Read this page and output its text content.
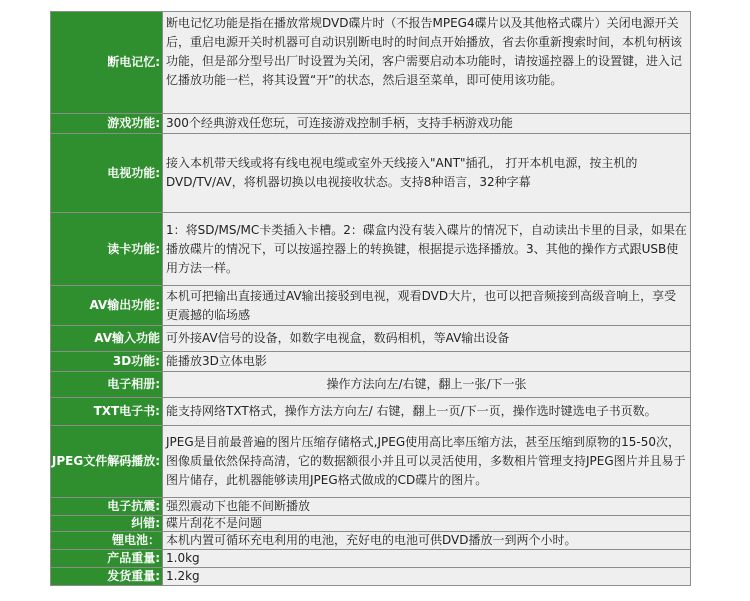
断电记忆:	断电记忆功能是指在播放常规DVD碟片时（不报告MPEG4碟片以及其他格式碟片）关闭电源开关后，重启电源开关时机器可自动识别断电时的时间点开始播放，省去你重新搜索时间，本机句柄该功能，但是部分型号出厂时设置为关闭，客户需要启动本功能时，请按遥控器上的设置键，进入记忆播放功能一栏，将其设置“开”的状态，然后退至菜单，即可使用该功能。
游戏功能:	300个经典游戏任您玩，可连接游戏控制手柄，支持手柄游戏功能
电视功能:	接入本机带天线或将有线电视电缆或室外天线接入"ANT"插孔， 打开本机电源，按主机的DVD/TV/AV，将机器切换以电视接收状态。支持8种语言，32种字幕
读卡功能:	1：将SD/MS/MC卡类插入卡槽。2：碟盒内没有装入碟片的情况下，自动读出卡里的目录，如果在播放碟片的情况下，可以按遥控器上的转换键，根据提示选择播放。3、其他的操作方式跟USB使用方法一样。
AV输出功能:	本机可把输出直接通过AV输出接驳到电视，观看DVD大片，也可以把音频接到高级音响上，享受更震撼的临场感
AV输入功能	可外接AV信号的设备，如数字电视盒，数码相机，等AV输出设备
3D功能:	能播放3D立体电影
电子相册:	操作方法向左/右键，翻上一张/下一张
TXT电子书:	能支持网络TXT格式，操作方法方向左/ 右键，翻上一页/下一页，操作选时键选电子书页数。
JPEG文件解码播放:	JPEG是目前最普遍的图片压缩存储格式,JPEG使用高比率压缩方法，甚至压缩到原物的15-50次，图像质量依然保持高清，它的数据额很小并且可以灵活使用，多数相片管理支持JPEG图片并且易于图片储存，此机器能够读用JPEG格式做成的CD碟片的图片。
电子抗震:	强烈震动下也能不间断播放
纠错:	碟片刮花不是问题
锂电池：	本机内置可循环充电利用的电池，充好电的电池可供DVD播放一到两个小时。
产品重量:	1.0kg
发货重量:	1.2kg
